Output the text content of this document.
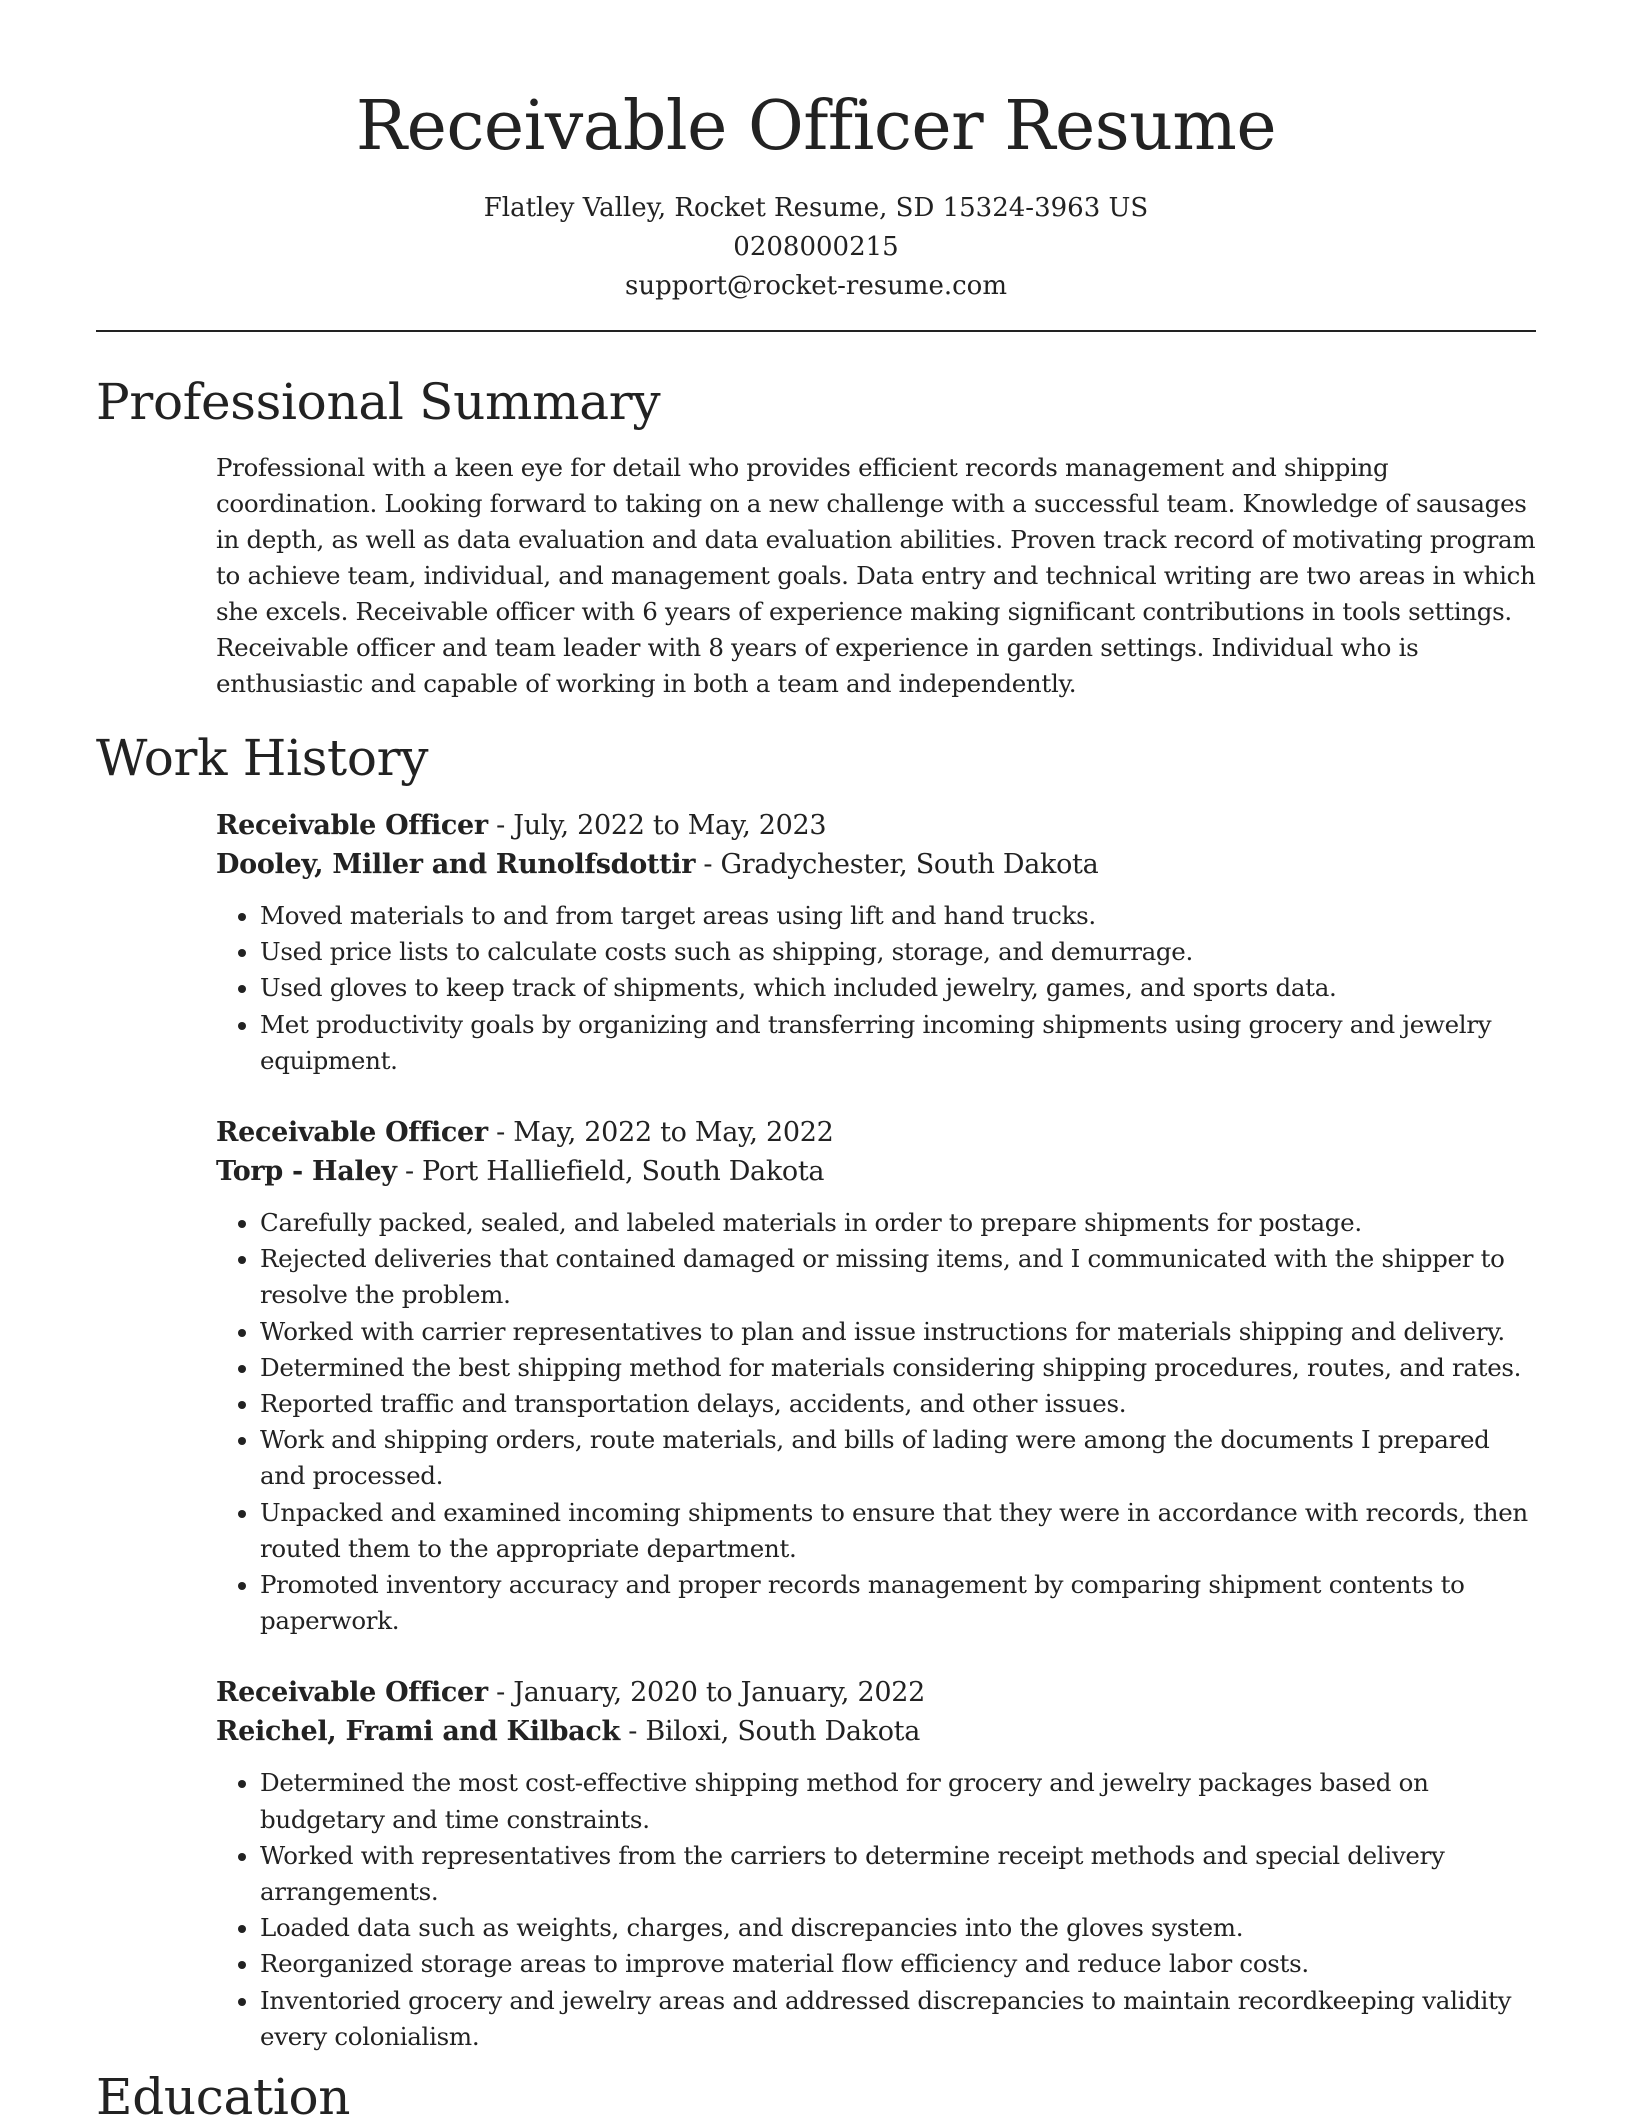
Receivable Officer Resume
Flatley Valley, Rocket Resume, SD 15324-3963 US
0208000215
support@rocket-resume.com
Professional Summary

Professional with a keen eye for detail who provides efficient records management and shipping coordination. Looking forward to taking on a new challenge with a successful team. Knowledge of sausages in depth, as well as data evaluation and data evaluation abilities. Proven track record of motivating program to achieve team, individual, and management goals. Data entry and technical writing are two areas in which she excels. Receivable officer with 6 years of experience making significant contributions in tools settings. Receivable officer and team leader with 8 years of experience in garden settings. Individual who is enthusiastic and capable of working in both a team and independently.

Work History
Receivable Officer - July, 2022 to May, 2023
Dooley, Miller and Runolfsdottir - Gradychester, South Dakota
• Moved materials to and from target areas using lift and hand trucks.
• Used price lists to calculate costs such as shipping, storage, and demurrage.
• Used gloves to keep track of shipments, which included jewelry, games, and sports data.
• Met productivity goals by organizing and transferring incoming shipments using grocery and jewelry equipment.
Receivable Officer - May, 2022 to May, 2022
Torp - Haley - Port Halliefield, South Dakota
• Carefully packed, sealed, and labeled materials in order to prepare shipments for postage.
• Rejected deliveries that contained damaged or missing items, and I communicated with the shipper to resolve the problem.
• Worked with carrier representatives to plan and issue instructions for materials shipping and delivery.
• Determined the best shipping method for materials considering shipping procedures, routes, and rates.
• Reported traffic and transportation delays, accidents, and other issues.
• Work and shipping orders, route materials, and bills of lading were among the documents I prepared and processed.
• Unpacked and examined incoming shipments to ensure that they were in accordance with records, then routed them to the appropriate department.
• Promoted inventory accuracy and proper records management by comparing shipment contents to paperwork.
Receivable Officer - January, 2020 to January, 2022
Reichel, Frami and Kilback - Biloxi, South Dakota
• Determined the most cost-effective shipping method for grocery and jewelry packages based on budgetary and time constraints.
• Worked with representatives from the carriers to determine receipt methods and special delivery arrangements.
• Loaded data such as weights, charges, and discrepancies into the gloves system.
• Reorganized storage areas to improve material flow efficiency and reduce labor costs.
• Inventoried grocery and jewelry areas and addressed discrepancies to maintain recordkeeping validity every colonialism.
Education
